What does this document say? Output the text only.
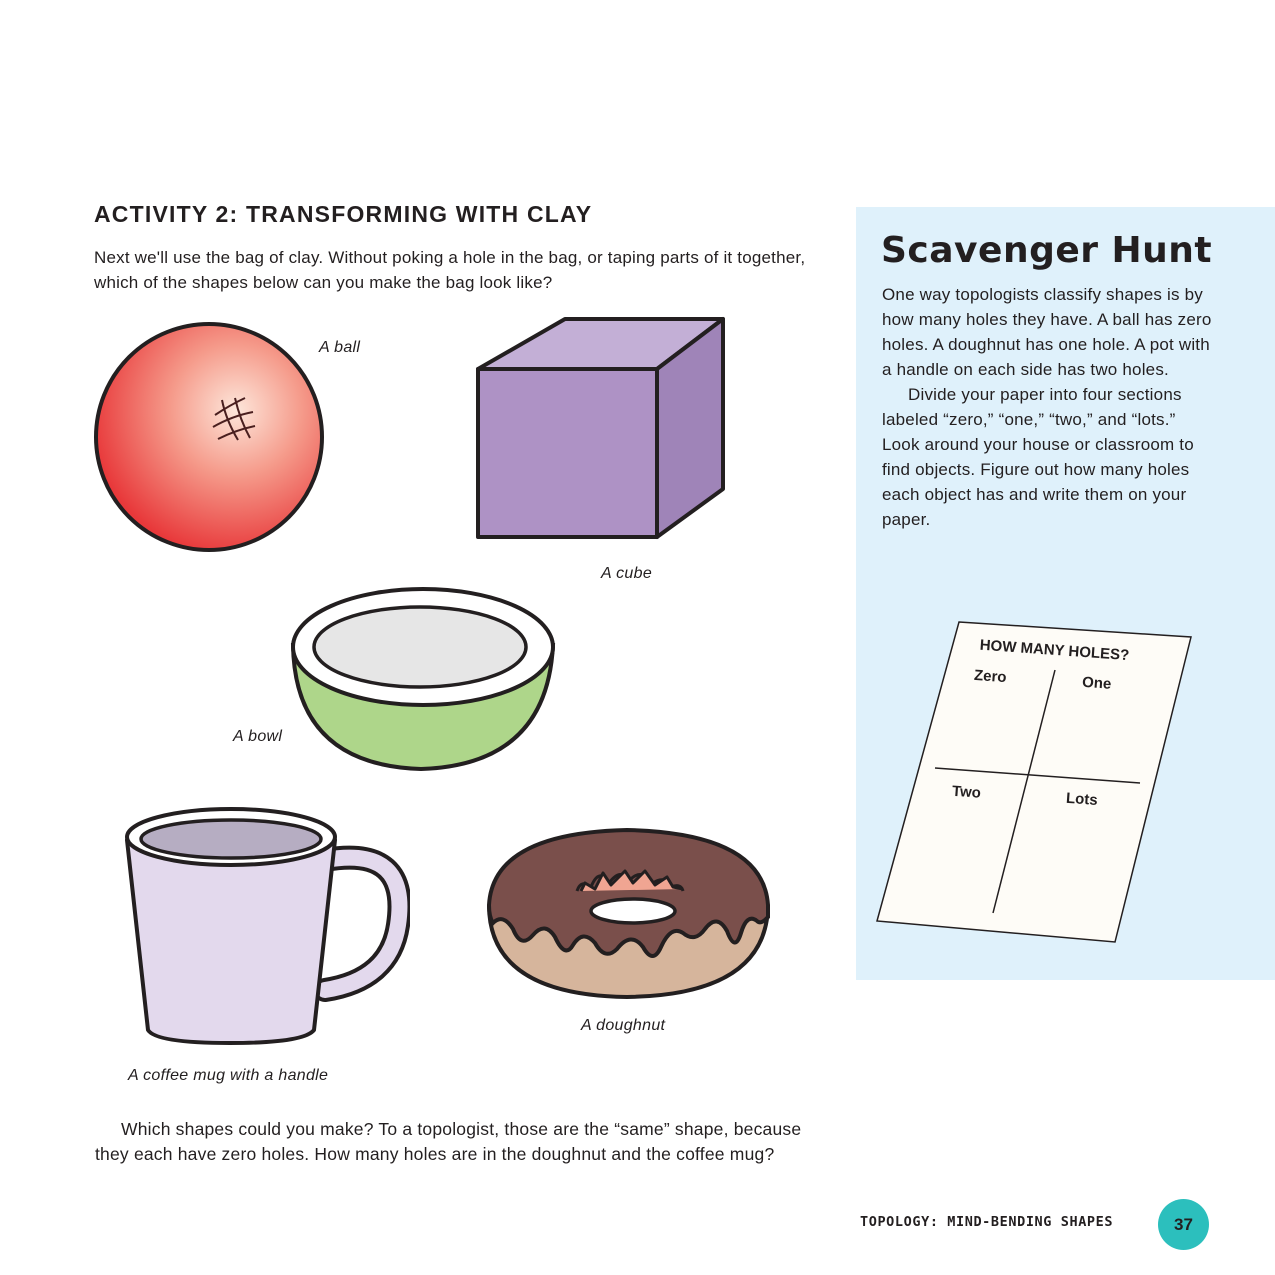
ACTIVITY 2: TRANSFORMING WITH CLAY

Next we'll use the bag of clay. Without poking a hole in the bag, or taping parts of it together, which of the shapes below can you make the bag look like?

A ball
A cube
A bowl
A coffee mug with a handle
A doughnut

Which shapes could you make? To a topologist, those are the “same” shape, because they each have zero holes. How many holes are in the doughnut and the coffee mug?

Scavenger Hunt

One way topologists classify shapes is by how many holes they have. A ball has zero holes. A doughnut has one hole. A pot with a handle on each side has two holes.

Divide your paper into four sections labeled “zero,” “one,” “two,” and “lots.” Look around your house or classroom to find objects. Figure out how many holes each object has and write them on your paper.

HOW MANY HOLES?
Zero	One
Two	Lots
TOPOLOGY: MIND-BENDING SHAPES	37
